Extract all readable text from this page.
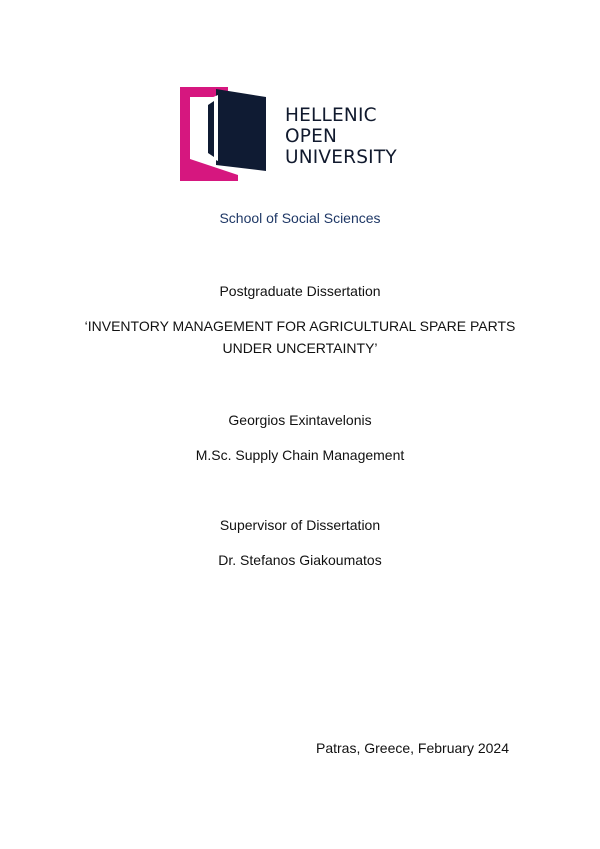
HELLENIC
OPEN
UNIVERSITY
School of Social Sciences
Postgraduate Dissertation
‘INVENTORY MANAGEMENT FOR AGRICULTURAL SPARE PARTS
UNDER UNCERTAINTY’
Georgios Exintavelonis
M.Sc. Supply Chain Management
Supervisor of Dissertation
Dr. Stefanos Giakoumatos
Patras, Greece, February 2024
